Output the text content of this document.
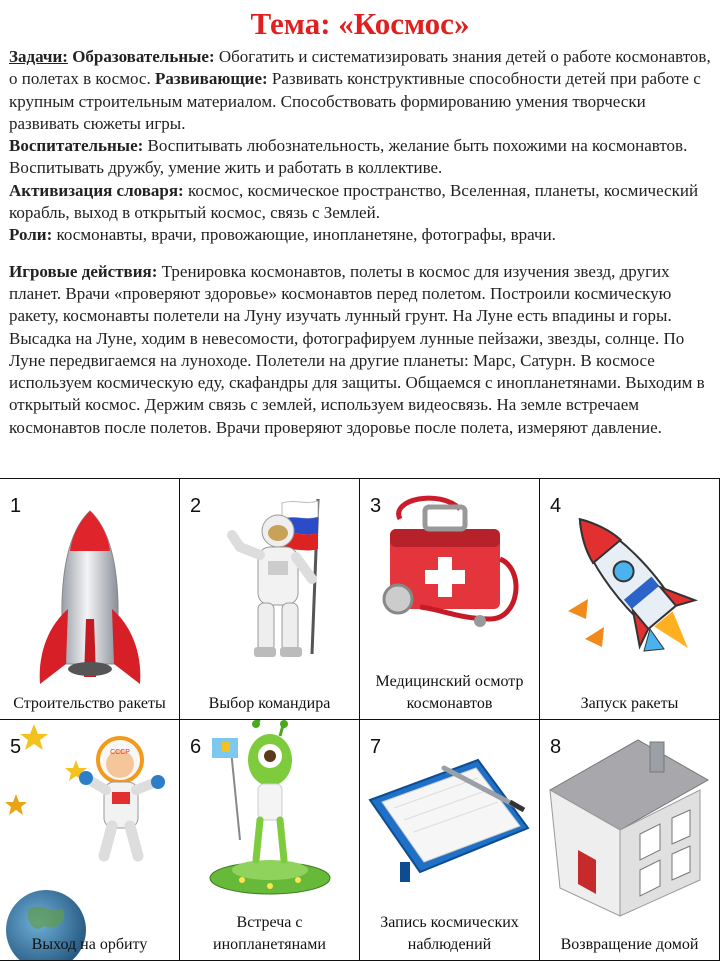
Тема: «Космос»

Задачи: Образовательные: Обогатить и систематизировать знания детей о работе космонавтов, о полетах в космос. Развивающие: Развивать конструктивные способности детей при работе с крупным строительным материалом. Способствовать формированию умения творчески развивать сюжеты игры.

Воспитательные: Воспитывать любознательность, желание быть похожими на космонавтов. Воспитывать дружбу, умение жить и работать в коллективе.

Активизация словаря: космос, космическое пространство, Вселенная, планеты, космический корабль, выход в открытый космос, связь с Землей.

Роли: космонавты, врачи, провожающие, инопланетяне, фотографы, врачи.

Игровые действия: Тренировка космонавтов, полеты в космос для изучения звезд, других планет. Врачи «проверяют здоровье» космонавтов перед полетом. Построили космическую ракету, космонавты полетели на Луну изучать лунный грунт. На Луне есть впадины и горы. Высадка на Луне, ходим в невесомости, фотографируем лунные пейзажи, звезды, солнце. По Луне передвигаемся на луноходе. Полетели на другие планеты: Марс, Сатурн. В космосе используем космическую еду, скафандры для защиты. Общаемся с инопланетянами. Выходим в открытый космос. Держим связь с землей, используем видеосвязь. На земле встречаем космонавтов после полетов. Врачи проверяют здоровье после полета, измеряют давление.

1
Строительство ракеты
2
Выбор командира
3
Медицинский осмотр космонавтов
4
Запуск ракеты
CCCP
5
Выход на орбиту
6
Встреча с инопланетянами
7
Запись космических наблюдений
8
Возвращение домой
